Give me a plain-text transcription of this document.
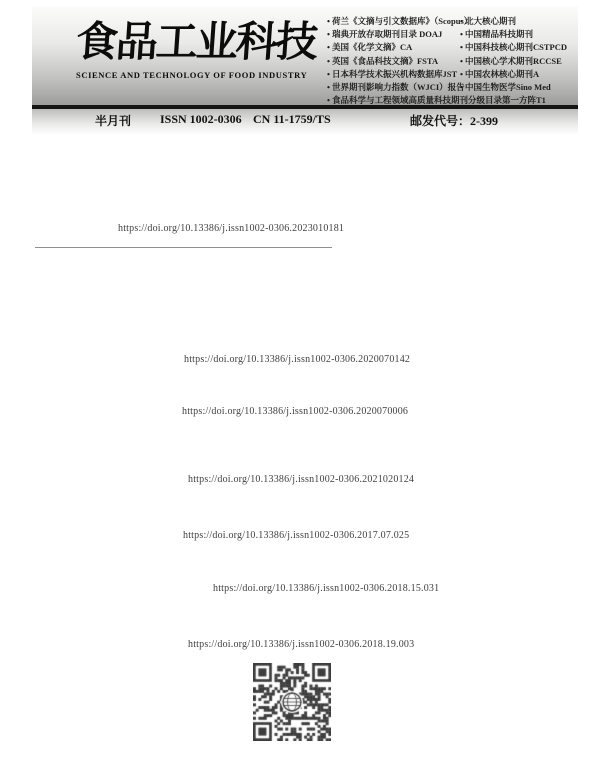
食品工业科技
SCIENCE AND TECHNOLOGY OF FOOD INDUSTRY
• 荷兰《文摘与引文数据库》（Scopus）
• 瑞典开放存取期刊目录 DOAJ
• 美国《化学文摘》CA
• 英国《食品科技文摘》FSTA
• 日本科学技术振兴机构数据库JST
• 世界期刊影响力指数（WJCI）报告
• 食品科学与工程领域高质量科技期刊分级目录第一方阵T1
• 北大核心期刊
• 中国精品科技期刊
• 中国科技核心期刊CSTPCD
• 中国核心学术期刊RCCSE
• 中国农林核心期刊A
• 中国生物医学Sino Med
半月刊 ISSN 1002-0306 CN 11-1759/TS	邮发代号：2-399
https://doi.org/10.13386/j.issn1002-0306.2023010181
https://doi.org/10.13386/j.issn1002-0306.2020070142
https://doi.org/10.13386/j.issn1002-0306.2020070006
https://doi.org/10.13386/j.issn1002-0306.2021020124
https://doi.org/10.13386/j.issn1002-0306.2017.07.025
https://doi.org/10.13386/j.issn1002-0306.2018.15.031
https://doi.org/10.13386/j.issn1002-0306.2018.19.003
